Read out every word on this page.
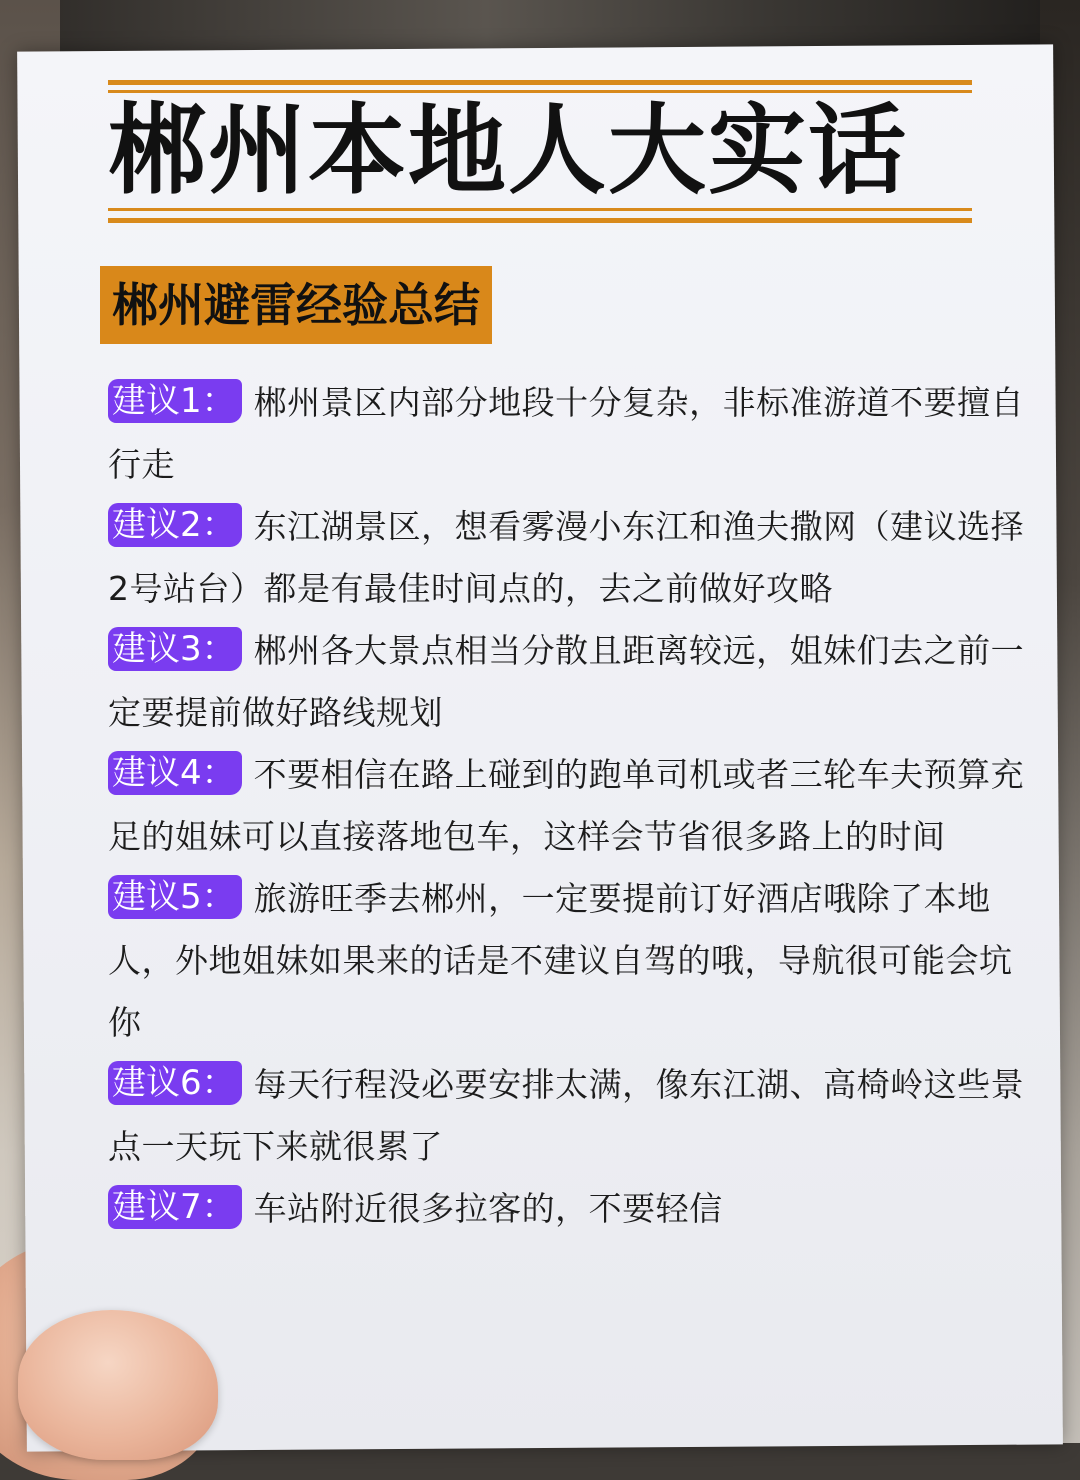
郴州本地人大实话
郴州避雷经验总结

建议1： 郴州景区内部分地段十分复杂，非标准游道不要擅自行走

建议2： 东江湖景区，想看雾漫小东江和渔夫撒网（建议选择2号站台）都是有最佳时间点的，去之前做好攻略

建议3： 郴州各大景点相当分散且距离较远，姐妹们去之前一定要提前做好路线规划

建议4： 不要相信在路上碰到的跑单司机或者三轮车夫预算充足的姐妹可以直接落地包车，这样会节省很多路上的时间

建议5： 旅游旺季去郴州，一定要提前订好酒店哦除了本地人，外地姐妹如果来的话是不建议自驾的哦，导航很可能会坑你

建议6： 每天行程没必要安排太满，像东江湖、高椅岭这些景点一天玩下来就很累了

建议7： 车站附近很多拉客的，不要轻信
